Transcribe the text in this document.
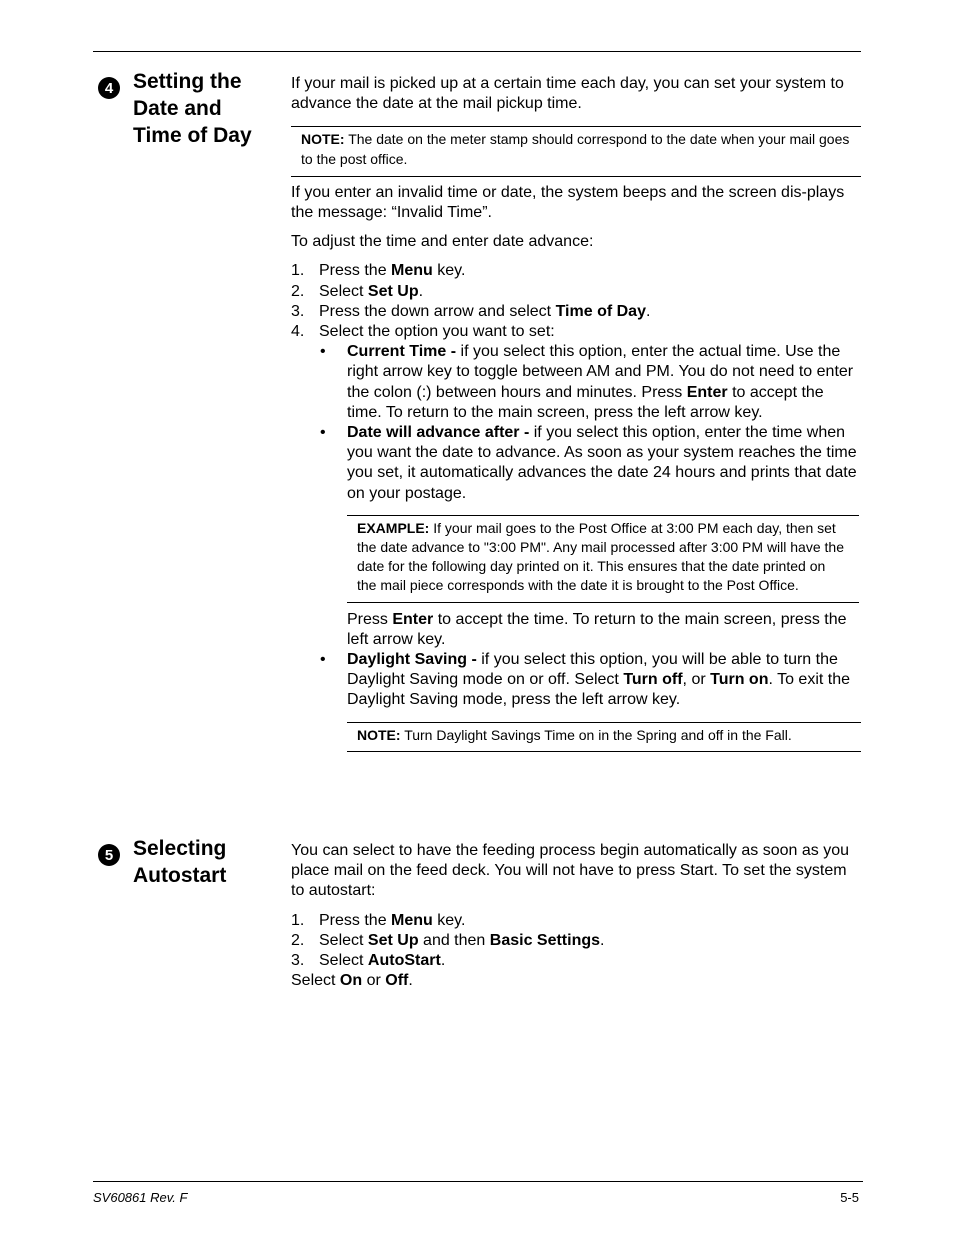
4 Setting the
Date and
Time of Day

If your mail is picked up at a certain time each day, you can set your system to advance the date at the mail pickup time.

NOTE: The date on the meter stamp should correspond to the date when your mail goes to the post office.

If you enter an invalid time or date, the system beeps and the screen dis-plays the message: “Invalid Time”.

To adjust the time and enter date advance:

1. Press the Menu key.
2. Select Set Up.
3. Press the down arrow and select Time of Day.
4. Select the option you want to set:
• Current Time - if you select this option, enter the actual time. Use the right arrow key to toggle between AM and PM. You do not need to enter the colon (:) between hours and minutes. Press Enter to accept the time. To return to the main screen, press the left arrow key.
• Date will advance after - if you select this option, enter the time when you want the date to advance. As soon as your system reaches the time you set, it automatically advances the date 24 hours and prints that date on your postage.
EXAMPLE: If your mail goes to the Post Office at 3:00 PM each day, then set the date advance to "3:00 PM". Any mail processed after 3:00 PM will have the date for the following day printed on it. This ensures that the date printed on the mail piece corresponds with the date it is brought to the Post Office.

Press Enter to accept the time. To return to the main screen, press the left arrow key.

• Daylight Saving - if you select this option, you will be able to turn the Daylight Saving mode on or off. Select Turn off, or Turn on. To exit the Daylight Saving mode, press the left arrow key.
NOTE: Turn Daylight Savings Time on in the Spring and off in the Fall.
5 Selecting
Autostart

You can select to have the feeding process begin automatically as soon as you place mail on the feed deck. You will not have to press Start. To set the system to autostart:

1. Press the Menu key.
2. Select Set Up and then Basic Settings.
3. Select AutoStart.

Select On or Off.

SV60861 Rev. F	5-5
